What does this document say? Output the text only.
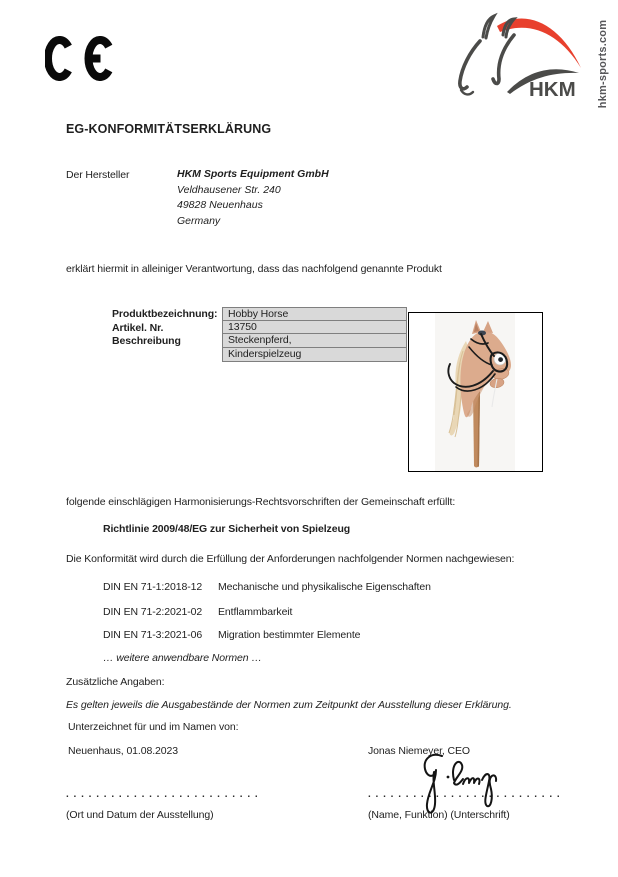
HKM hkm-sports.com
EG-KONFORMITÄTSERKLÄRUNG
Der Hersteller	HKM Sports Equipment GmbH
Veldhausener Str. 240
49828 Neuenhaus
Germany
erklärt hiermit in alleiniger Verantwortung, dass das nachfolgend genannte Produkt
Produktbezeichnung:	Hobby Horse
Artikel. Nr.	13750
Beschreibung	Steckenpferd,
Kinderspielzeug
folgende einschlägigen Harmonisierungs-Rechtsvorschriften der Gemeinschaft erfüllt:
Richtlinie 2009/48/EG zur Sicherheit von Spielzeug
Die Konformität wird durch die Erfüllung der Anforderungen nachfolgender Normen nachgewiesen:
DIN EN 71-1:2018-12 Mechanische und physikalische Eigenschaften
DIN EN 71-2:2021-02 Entflammbarkeit
DIN EN 71-3:2021-06 Migration bestimmter Elemente
… weitere anwendbare Normen …
Zusätzliche Angaben:
Es gelten jeweils die Ausgabestände der Normen zum Zeitpunkt der Ausstellung dieser Erklärung.
Unterzeichnet für und im Namen von:
Neuenhaus, 01.08.2023	Jonas Niemeyer, CEO
. . . . . . . . . . . . . . . . . . . . . . . . . .	. . . . . . . . . . . . . . . . . . . . . . . . . .
(Ort und Datum der Ausstellung)	(Name, Funktion) (Unterschrift)
